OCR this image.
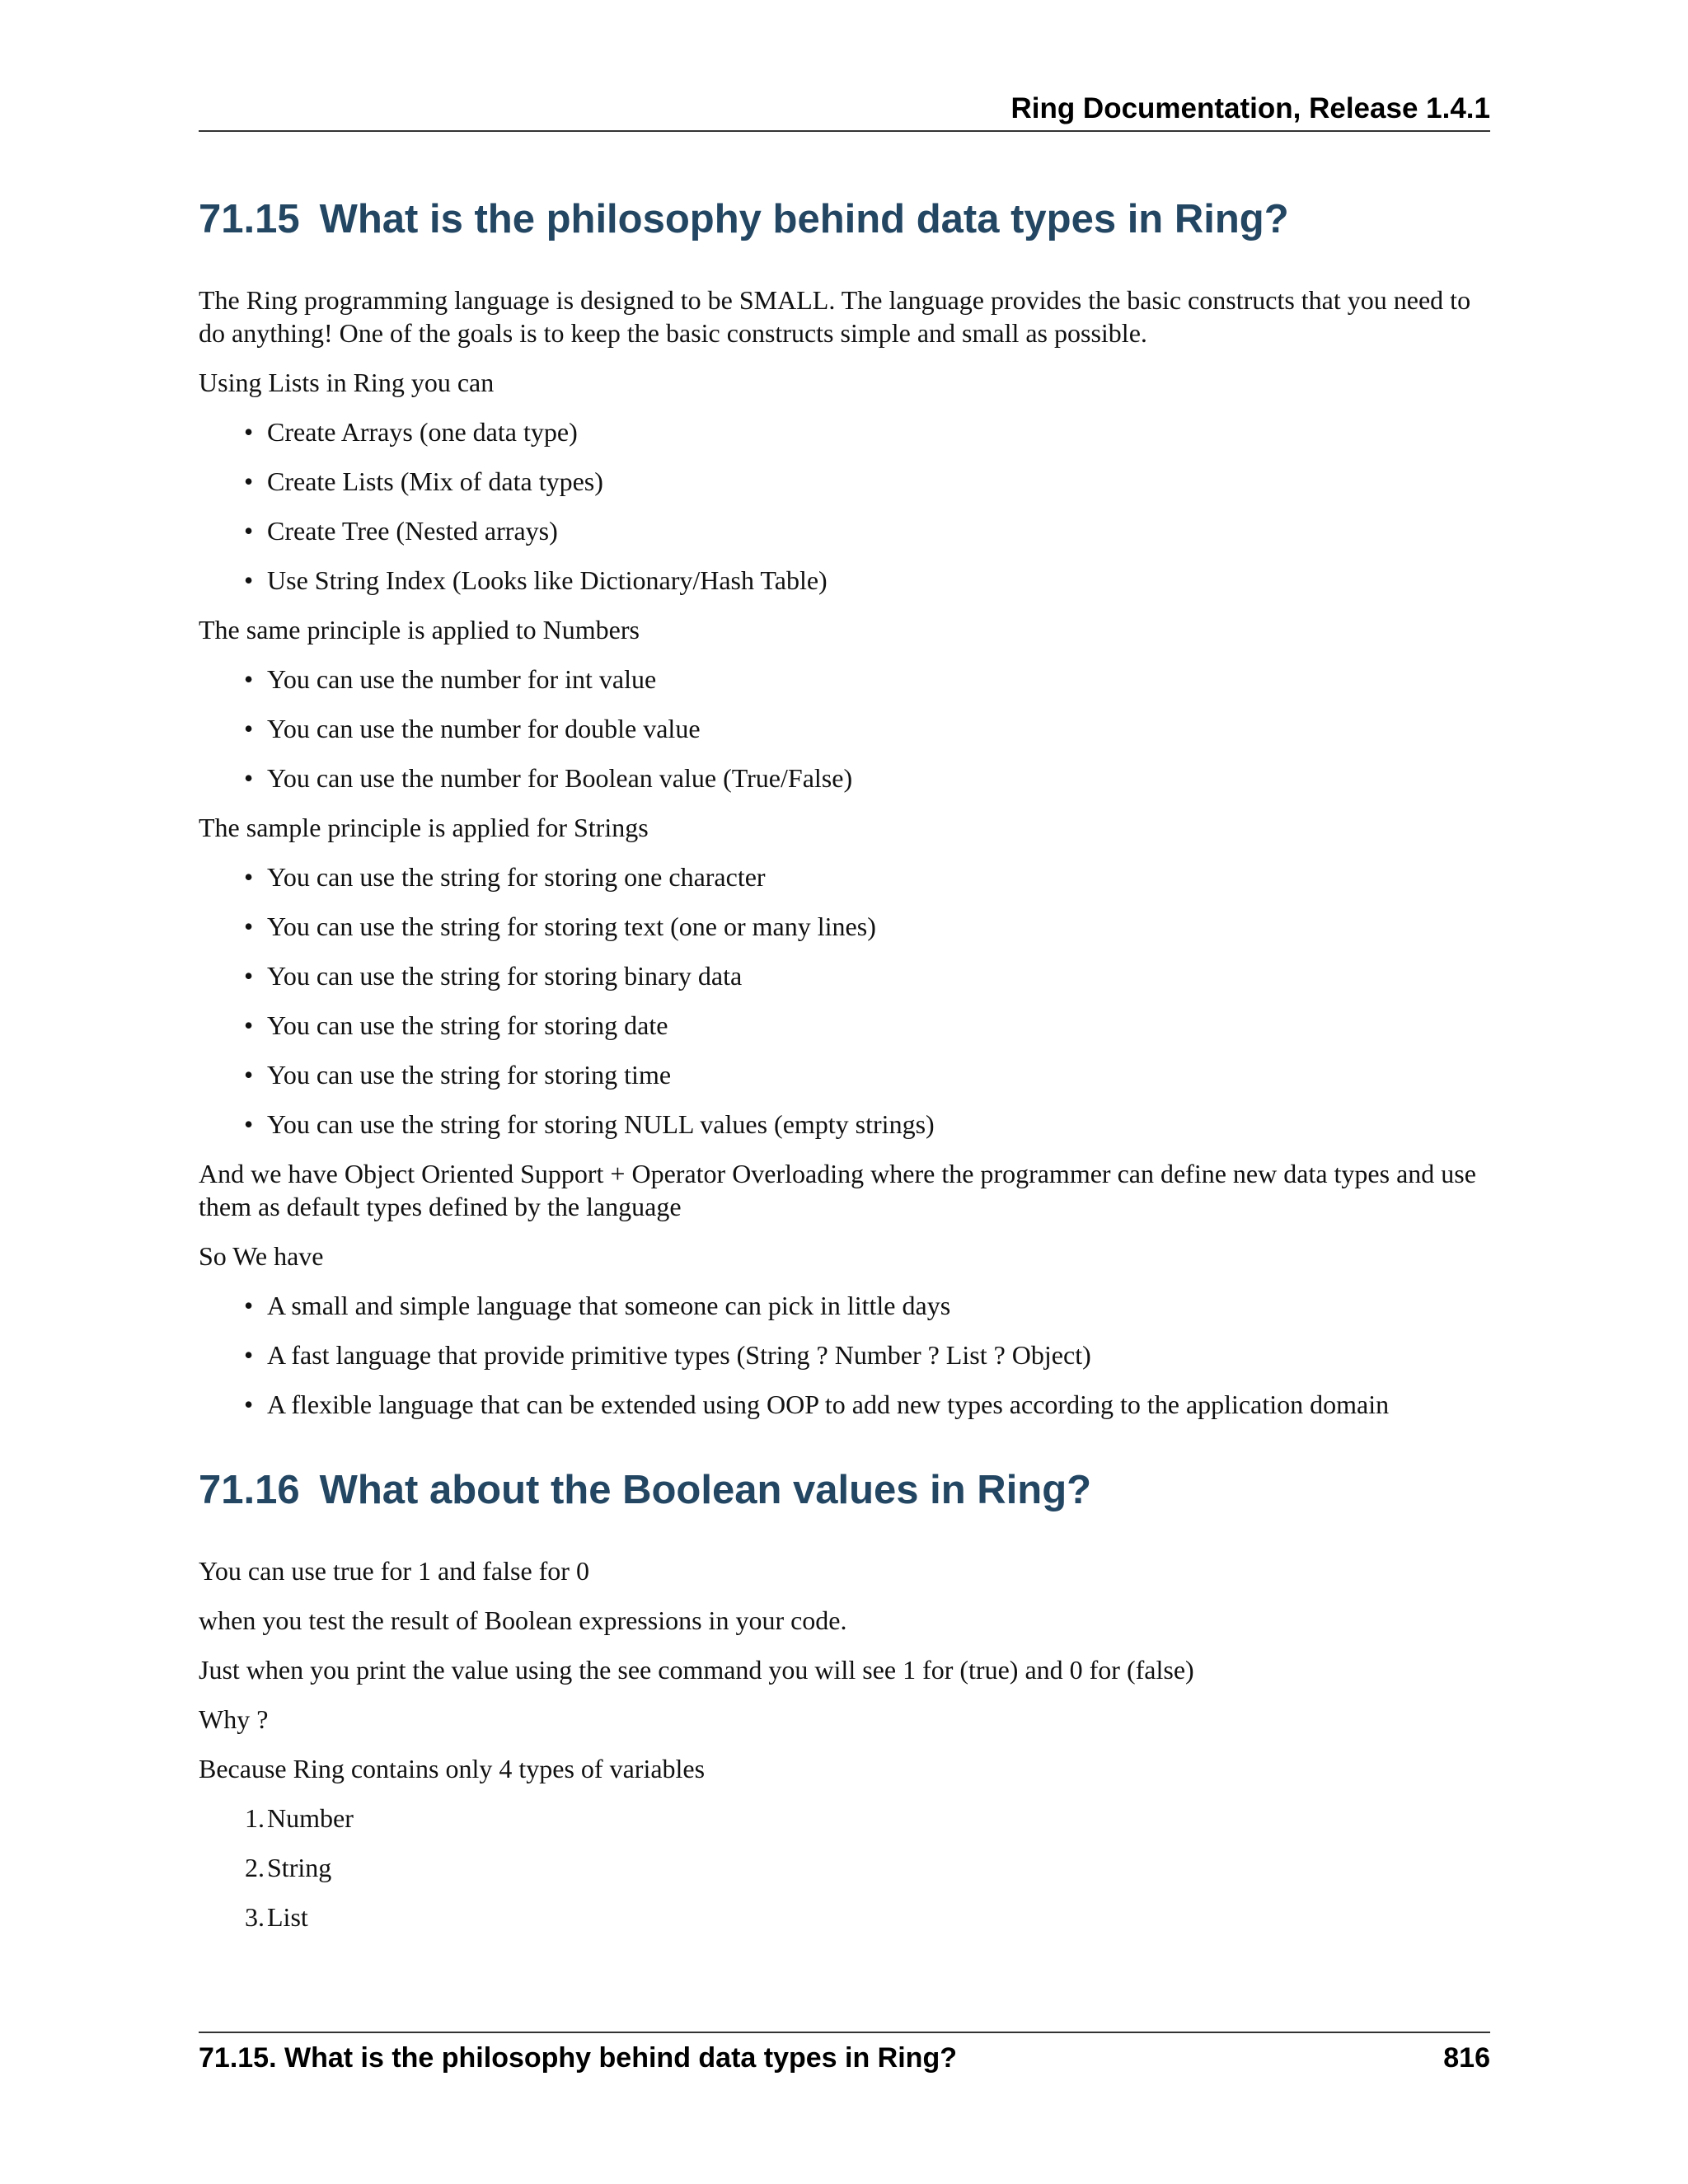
Ring Documentation, Release 1.4.1
71.15 What is the philosophy behind data types in Ring?

The Ring programming language is designed to be SMALL. The language provides the basic constructs that you need to do anything! One of the goals is to keep the basic constructs simple and small as possible.

Using Lists in Ring you can

• Create Arrays (one data type)
• Create Lists (Mix of data types)
• Create Tree (Nested arrays)
• Use String Index (Looks like Dictionary/Hash Table)

The same principle is applied to Numbers

• You can use the number for int value
• You can use the number for double value
• You can use the number for Boolean value (True/False)

The sample principle is applied for Strings

• You can use the string for storing one character
• You can use the string for storing text (one or many lines)
• You can use the string for storing binary data
• You can use the string for storing date
• You can use the string for storing time
• You can use the string for storing NULL values (empty strings)

And we have Object Oriented Support + Operator Overloading where the programmer can define new data types and use them as default types defined by the language

So We have

• A small and simple language that someone can pick in little days
• A fast language that provide primitive types (String ? Number ? List ? Object)
• A flexible language that can be extended using OOP to add new types according to the application domain
71.16 What about the Boolean values in Ring?

You can use true for 1 and false for 0

when you test the result of Boolean expressions in your code.

Just when you print the value using the see command you will see 1 for (true) and 0 for (false)

Why ?

Because Ring contains only 4 types of variables

1. Number
2. String
3. List
71.15. What is the philosophy behind data types in Ring?	816
